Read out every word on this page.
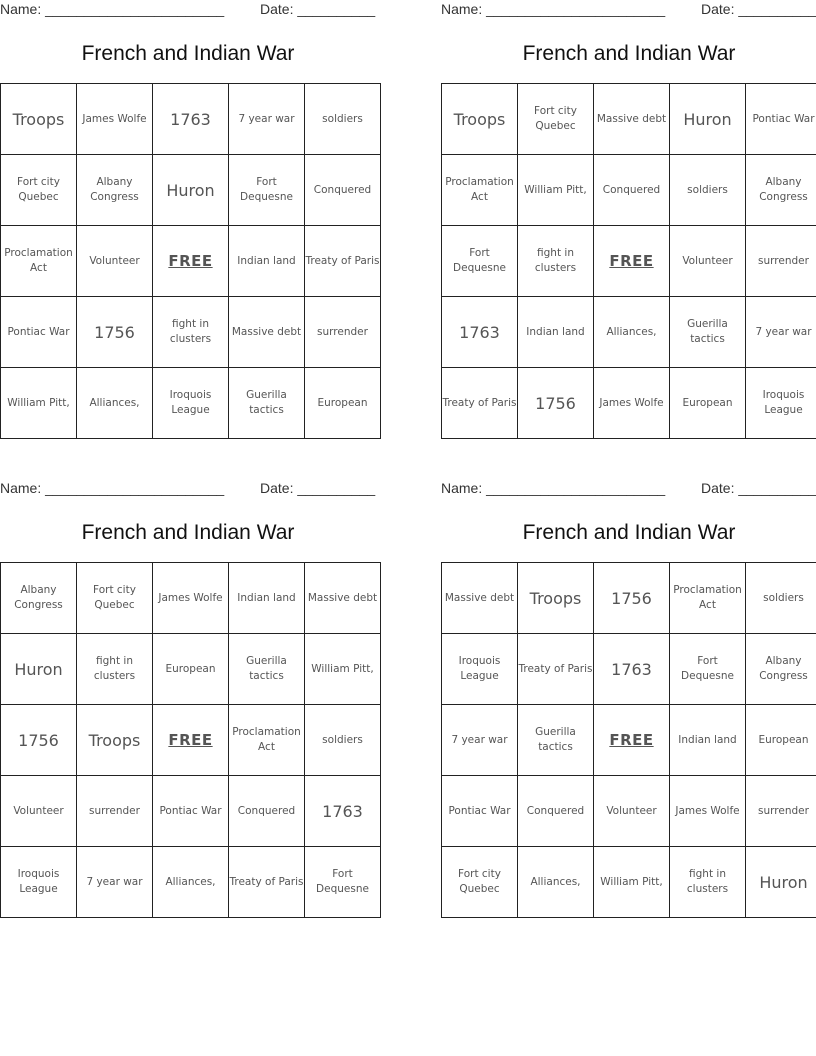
Name: _______________________	Date: __________
French and Indian War
Troops	James Wolfe	1763	7 year war	soldiers
Fort city Quebec	Albany Congress	Huron	Fort Dequesne	Conquered
Proclamation Act	Volunteer	FREE	Indian land	Treaty of Paris
Pontiac War	1756	fight in clusters	Massive debt	surrender
William Pitt,	Alliances,	Iroquois League	Guerilla tactics	European
Name: _______________________	Date: __________
French and Indian War
Troops	Fort city Quebec	Massive debt	Huron	Pontiac War
Proclamation Act	William Pitt,	Conquered	soldiers	Albany Congress
Fort Dequesne	fight in clusters	FREE	Volunteer	surrender
1763	Indian land	Alliances,	Guerilla tactics	7 year war
Treaty of Paris	1756	James Wolfe	European	Iroquois League
Name: _______________________	Date: __________
French and Indian War
Albany Congress	Fort city Quebec	James Wolfe	Indian land	Massive debt
Huron	fight in clusters	European	Guerilla tactics	William Pitt,
1756	Troops	FREE	Proclamation Act	soldiers
Volunteer	surrender	Pontiac War	Conquered	1763
Iroquois League	7 year war	Alliances,	Treaty of Paris	Fort Dequesne
Name: _______________________	Date: __________
French and Indian War
Massive debt	Troops	1756	Proclamation Act	soldiers
Iroquois League	Treaty of Paris	1763	Fort Dequesne	Albany Congress
7 year war	Guerilla tactics	FREE	Indian land	European
Pontiac War	Conquered	Volunteer	James Wolfe	surrender
Fort city Quebec	Alliances,	William Pitt,	fight in clusters	Huron
